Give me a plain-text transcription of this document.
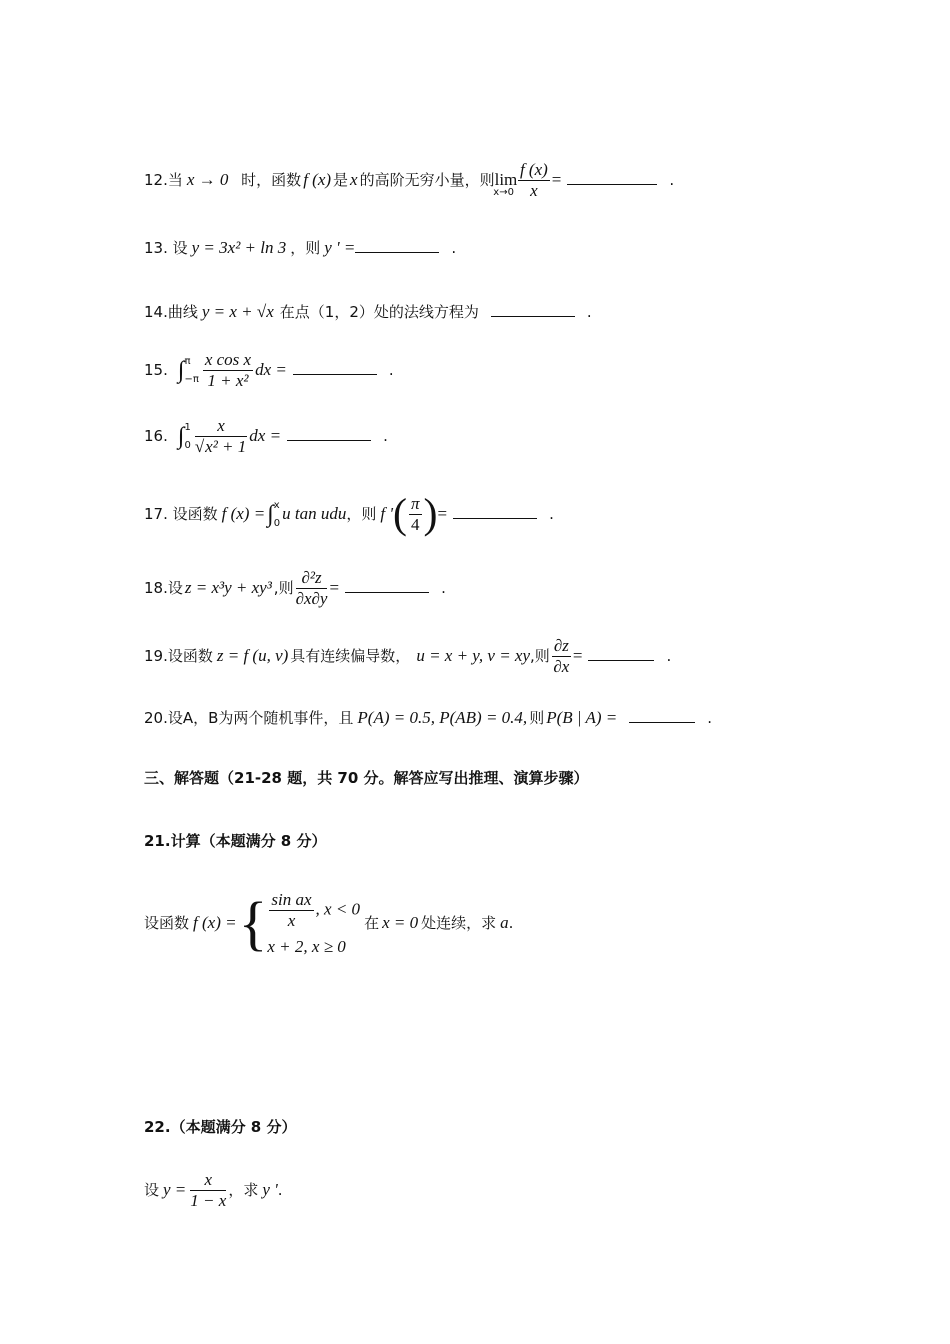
12.当 x → 0 时，函数 f (x) 是 x 的高阶无穷小量，则$\lim x\to 0 \frac{f (x)}{x}$ =	.
13. 设 y = 3x² + ln 3 ，则 y ' =	.
14.曲线 y = x + √x 在点（1，2）处的法线方程为	.
15. ∫ π
$-\pi \frac{\text{x cos x}}{\text{1 + x²}}$ dx =	.
16. ∫ 1
$0 \frac{x}{\text{√x² + 1}}$ dx =	.
17. 设函数 f (x) =∫ x
0 u tan udu，则 f '( $\frac{\pi}{4}$ )=	.
18.设 z = x³y + xy³ ,则 $\frac{\text{∂²z}}{\partial x\partial y}$ =	.
19.设函数 z = f (u, v) 具有连续偏导数， u = x + y, v = xy,则 $\frac{\partial z}{\partial x}$ =	.
20.设A，B为两个随机事件，且 P(A) = 0.5, P(AB) = 0.4, 则 P(B | A) =	.
三、解答题（21-28 题，共 70 分。解答应写出推理、演算步骤）
21.计算（本题满分 8 分）
设函数 f (x) ={ $\frac{\text{sin ax}}{x}$ , x < 0
x + 2, x ≥ 0
在 x = 0 处连续，求 a.
22.（本题满分 8 分）
设 $y = \frac{x}{1 - x}$ ，求 y '.
